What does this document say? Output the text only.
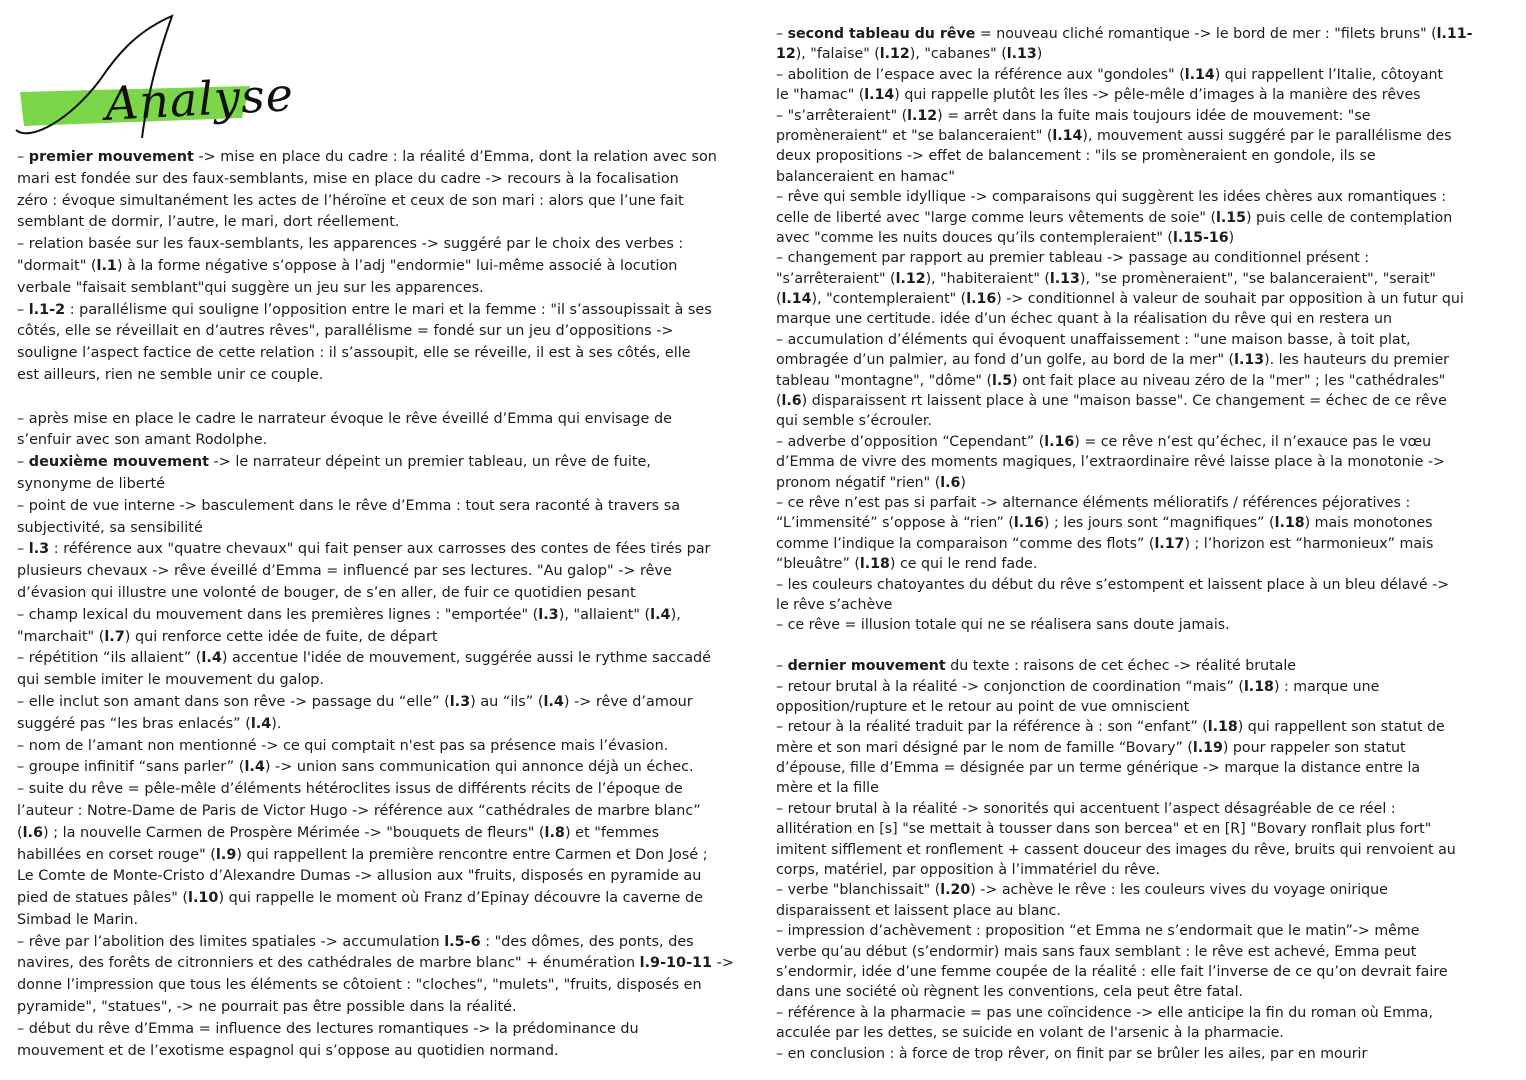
Analyse
– premier mouvement -> mise en place du cadre : la réalité d’Emma, dont la relation avec son
mari est fondée sur des faux-semblants, mise en place du cadre -> recours à la focalisation
zéro : évoque simultanément les actes de l’héroïne et ceux de son mari : alors que l’une fait
semblant de dormir, l’autre, le mari, dort réellement.
– relation basée sur les faux-semblants, les apparences -> suggéré par le choix des verbes :
"dormait" (l.1) à la forme négative s’oppose à l’adj "endormie" lui-même associé à locution
verbale "faisait semblant"qui suggère un jeu sur les apparences.
– l.1-2 : parallélisme qui souligne l’opposition entre le mari et la femme : "il s’assoupissait à ses
côtés, elle se réveillait en d’autres rêves", parallélisme = fondé sur un jeu d’oppositions ->
souligne l’aspect factice de cette relation : il s’assoupit, elle se réveille, il est à ses côtés, elle
est ailleurs, rien ne semble unir ce couple.
– après mise en place le cadre le narrateur évoque le rêve éveillé d’Emma qui envisage de
s’enfuir avec son amant Rodolphe.
– deuxième mouvement -> le narrateur dépeint un premier tableau, un rêve de fuite,
synonyme de liberté
– point de vue interne -> basculement dans le rêve d’Emma : tout sera raconté à travers sa
subjectivité, sa sensibilité
– l.3 : référence aux "quatre chevaux" qui fait penser aux carrosses des contes de fées tirés par
plusieurs chevaux -> rêve éveillé d’Emma = influencé par ses lectures. "Au galop" -> rêve
d’évasion qui illustre une volonté de bouger, de s’en aller, de fuir ce quotidien pesant
– champ lexical du mouvement dans les premières lignes : "emportée" (l.3), "allaient" (l.4),
"marchait" (l.7) qui renforce cette idée de fuite, de départ
– répétition “ils allaient” (l.4) accentue l'idée de mouvement, suggérée aussi le rythme saccadé
qui semble imiter le mouvement du galop.
– elle inclut son amant dans son rêve -> passage du “elle” (l.3) au “ils” (l.4) -> rêve d’amour
suggéré pas “les bras enlacés” (l.4).
– nom de l’amant non mentionné -> ce qui comptait n'est pas sa présence mais l’évasion.
– groupe infinitif “sans parler” (l.4) -> union sans communication qui annonce déjà un échec.
– suite du rêve = pêle-mêle d’éléments hétéroclites issus de différents récits de l’époque de
l’auteur : Notre-Dame de Paris de Victor Hugo -> référence aux “cathédrales de marbre blanc”
(l.6) ; la nouvelle Carmen de Prospère Mérimée -> "bouquets de fleurs" (l.8) et "femmes
habillées en corset rouge" (l.9) qui rappellent la première rencontre entre Carmen et Don José ;
Le Comte de Monte-Cristo d’Alexandre Dumas -> allusion aux "fruits, disposés en pyramide au
pied de statues pâles" (l.10) qui rappelle le moment où Franz d’Epinay découvre la caverne de
Simbad le Marin.
– rêve par l’abolition des limites spatiales -> accumulation l.5-6 : "des dômes, des ponts, des
navires, des forêts de citronniers et des cathédrales de marbre blanc" + énumération l.9-10-11 ->
donne l’impression que tous les éléments se côtoient : "cloches", "mulets", "fruits, disposés en
pyramide", "statues", -> ne pourrait pas être possible dans la réalité.
– début du rêve d’Emma = influence des lectures romantiques -> la prédominance du
mouvement et de l’exotisme espagnol qui s’oppose au quotidien normand.
– second tableau du rêve = nouveau cliché romantique -> le bord de mer : "filets bruns" (l.11-
12), "falaise" (l.12), "cabanes" (l.13)
– abolition de l’espace avec la référence aux "gondoles" (l.14) qui rappellent l’Italie, côtoyant
le "hamac" (l.14) qui rappelle plutôt les îles -> pêle-mêle d’images à la manière des rêves
– "s’arrêteraient" (l.12) = arrêt dans la fuite mais toujours idée de mouvement: "se
promèneraient" et "se balanceraient" (l.14), mouvement aussi suggéré par le parallélisme des
deux propositions -> effet de balancement : "ils se promèneraient en gondole, ils se
balanceraient en hamac"
– rêve qui semble idyllique -> comparaisons qui suggèrent les idées chères aux romantiques :
celle de liberté avec "large comme leurs vêtements de soie" (l.15) puis celle de contemplation
avec "comme les nuits douces qu’ils contempleraient" (l.15-16)
– changement par rapport au premier tableau -> passage au conditionnel présent :
"s’arrêteraient" (l.12), "habiteraient" (l.13), "se promèneraient", "se balanceraient", "serait"
(l.14), "contempleraient" (l.16) -> conditionnel à valeur de souhait par opposition à un futur qui
marque une certitude. idée d’un échec quant à la réalisation du rêve qui en restera un
– accumulation d’éléments qui évoquent unaffaissement : "une maison basse, à toit plat,
ombragée d’un palmier, au fond d’un golfe, au bord de la mer" (l.13). les hauteurs du premier
tableau "montagne", "dôme" (l.5) ont fait place au niveau zéro de la "mer" ; les "cathédrales"
(l.6) disparaissent rt laissent place à une "maison basse". Ce changement = échec de ce rêve
qui semble s’écrouler.
– adverbe d’opposition “Cependant” (l.16) = ce rêve n’est qu’échec, il n’exauce pas le vœu
d’Emma de vivre des moments magiques, l’extraordinaire rêvé laisse place à la monotonie ->
pronom négatif "rien" (l.6)
– ce rêve n’est pas si parfait -> alternance éléments mélioratifs / références péjoratives :
“L’immensité” s’oppose à “rien” (l.16) ; les jours sont “magnifiques” (l.18) mais monotones
comme l’indique la comparaison “comme des flots” (l.17) ; l’horizon est “harmonieux” mais
“bleuâtre” (l.18) ce qui le rend fade.
– les couleurs chatoyantes du début du rêve s’estompent et laissent place à un bleu délavé ->
le rêve s’achève
– ce rêve = illusion totale qui ne se réalisera sans doute jamais.
– dernier mouvement du texte : raisons de cet échec -> réalité brutale
– retour brutal à la réalité -> conjonction de coordination “mais” (l.18) : marque une
opposition/rupture et le retour au point de vue omniscient
– retour à la réalité traduit par la référence à : son “enfant” (l.18) qui rappellent son statut de
mère et son mari désigné par le nom de famille “Bovary” (l.19) pour rappeler son statut
d’épouse, fille d’Emma = désignée par un terme générique -> marque la distance entre la
mère et la fille
– retour brutal à la réalité -> sonorités qui accentuent l’aspect désagréable de ce réel :
allitération en [s] "se mettait à tousser dans son bercea" et en [R] "Bovary ronflait plus fort"
imitent sifflement et ronflement + cassent douceur des images du rêve, bruits qui renvoient au
corps, matériel, par opposition à l’immatériel du rêve.
– verbe "blanchissait" (l.20) -> achève le rêve : les couleurs vives du voyage onirique
disparaissent et laissent place au blanc.
– impression d’achèvement : proposition “et Emma ne s’endormait que le matin”-> même
verbe qu’au début (s’endormir) mais sans faux semblant : le rêve est achevé, Emma peut
s’endormir, idée d’une femme coupée de la réalité : elle fait l’inverse de ce qu’on devrait faire
dans une société où règnent les conventions, cela peut être fatal.
– référence à la pharmacie = pas une coïncidence -> elle anticipe la fin du roman où Emma,
acculée par les dettes, se suicide en volant de l'arsenic à la pharmacie.
– en conclusion : à force de trop rêver, on finit par se brûler les ailes, par en mourir
